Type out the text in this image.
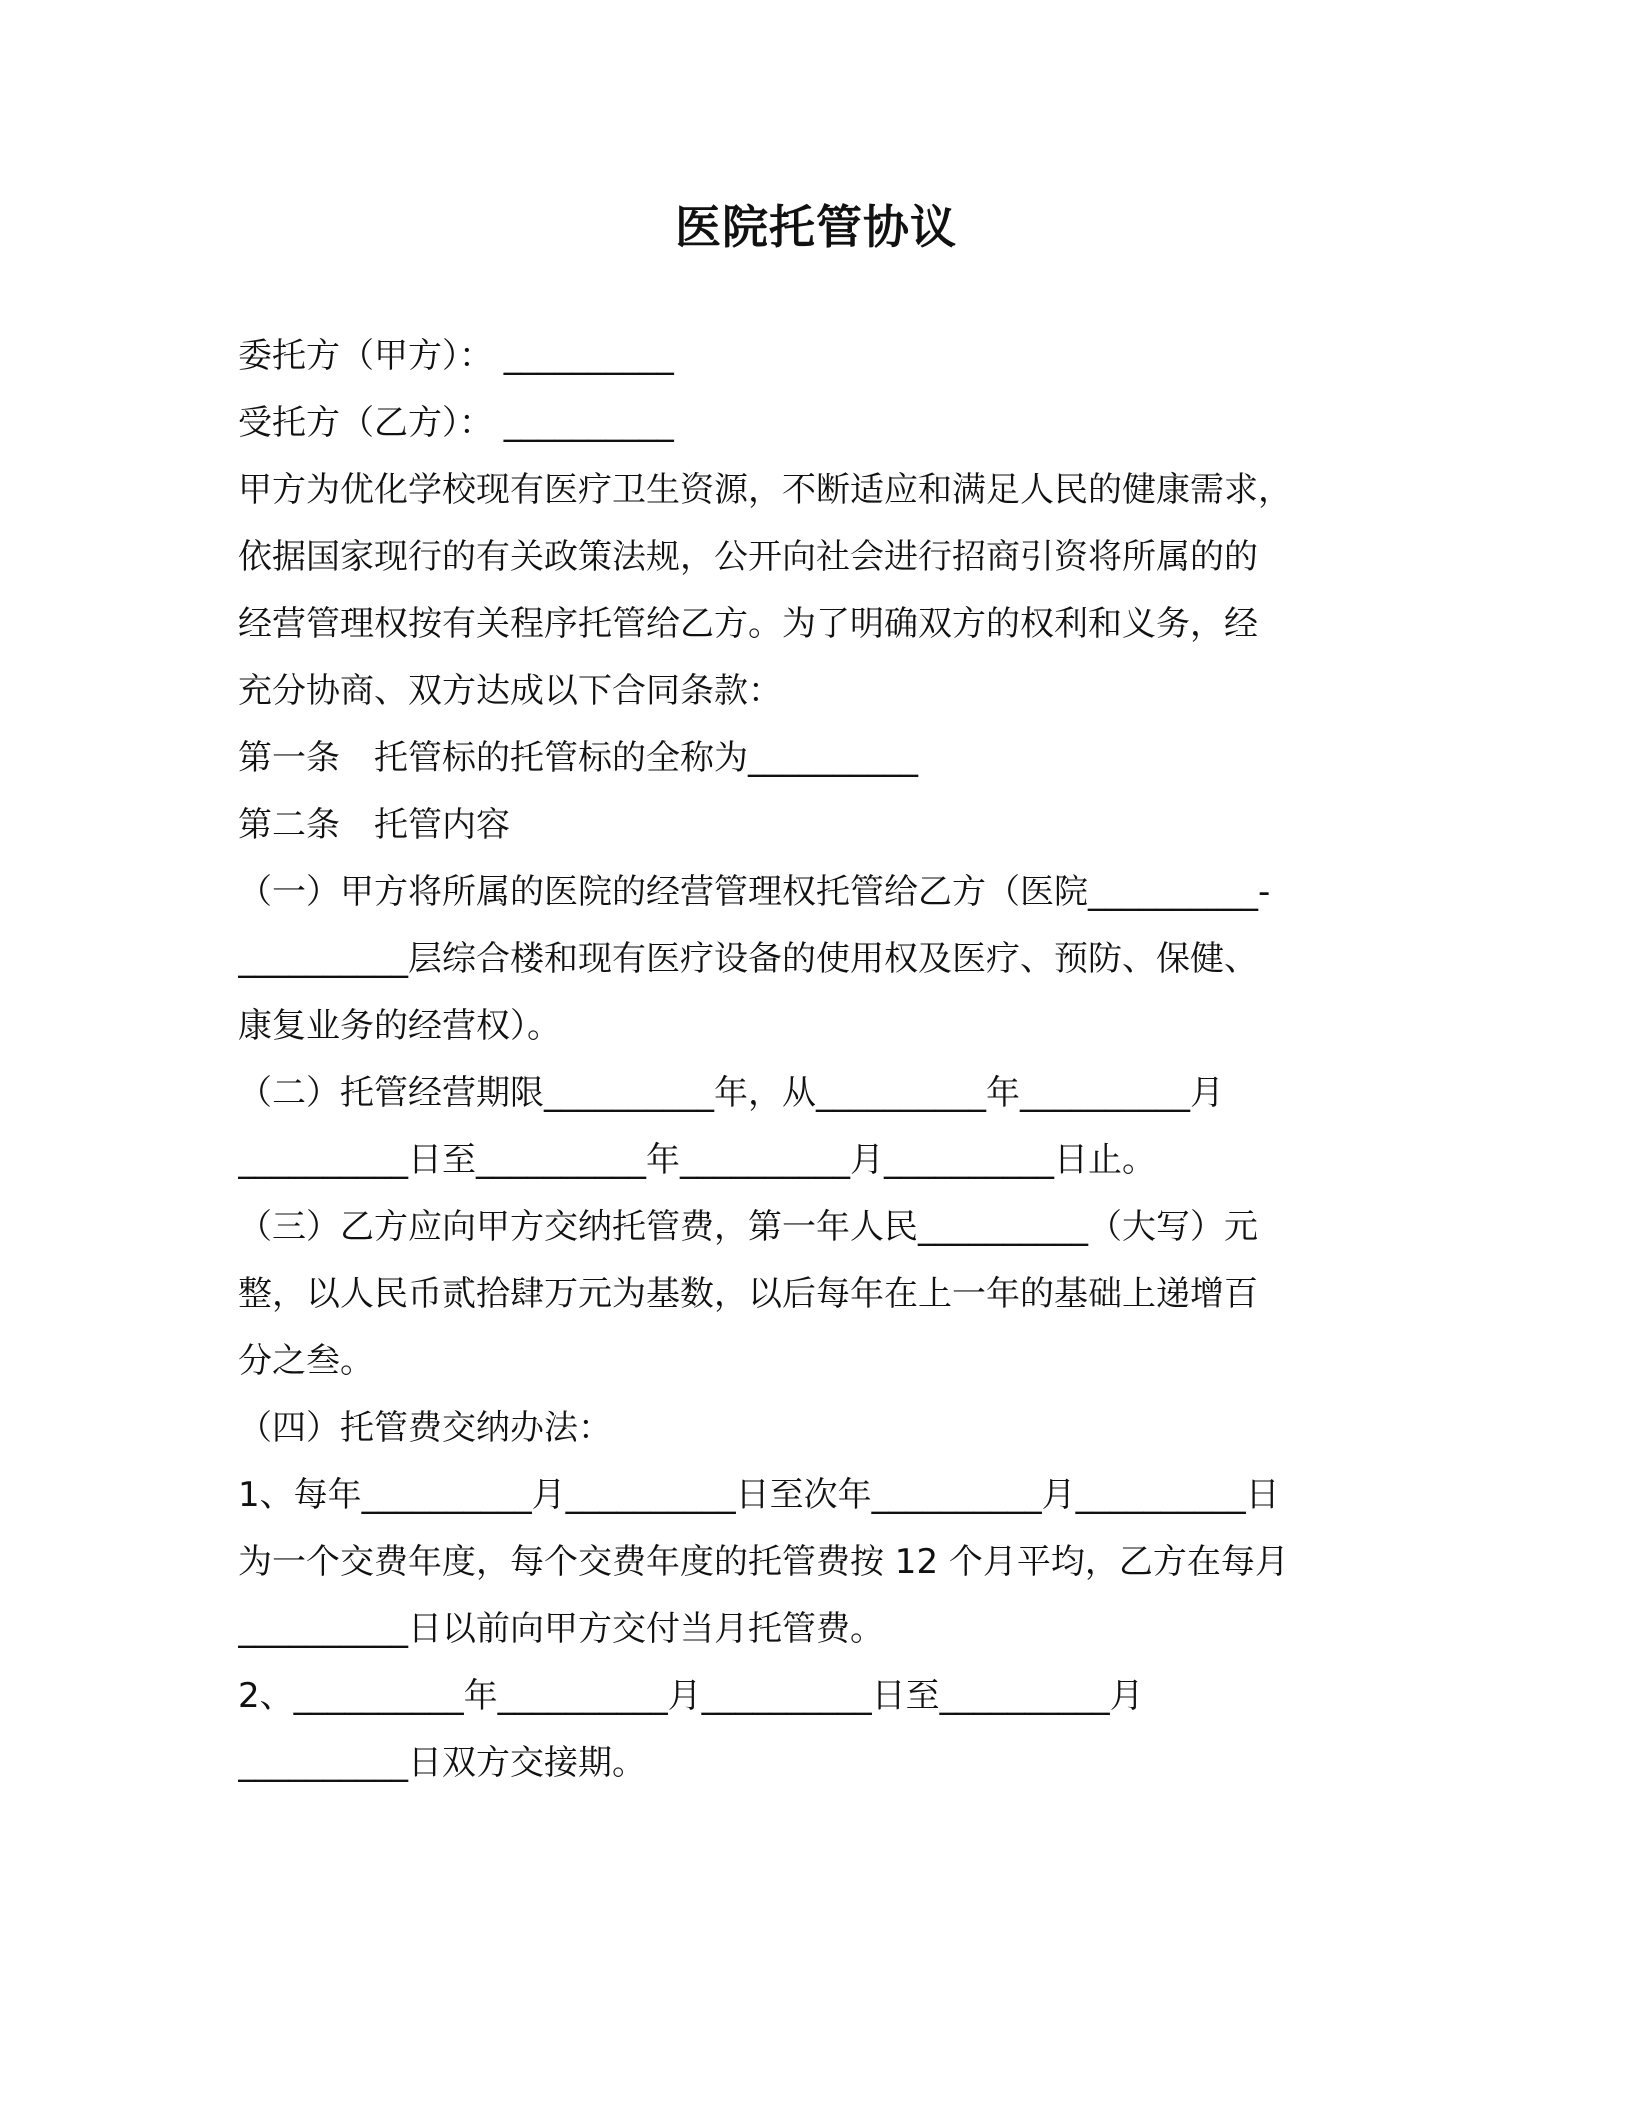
医院托管协议
委托方（甲方）： __________
受托方（乙方）： __________
甲方为优化学校现有医疗卫生资源，不断适应和满足人民的健康需求，
依据国家现行的有关政策法规，公开向社会进行招商引资将所属的的
经营管理权按有关程序托管给乙方。为了明确双方的权利和义务，经
充分协商、双方达成以下合同条款：
第一条　托管标的托管标的全称为__________
第二条　托管内容
（一）甲方将所属的医院的经营管理权托管给乙方（医院__________-
__________层综合楼和现有医疗设备的使用权及医疗、预防、保健、
康复业务的经营权）。
（二）托管经营期限__________年，从__________年__________月
__________日至__________年__________月__________日止。
（三）乙方应向甲方交纳托管费，第一年人民__________（大写）元
整，以人民币贰拾肆万元为基数，以后每年在上一年的基础上递增百
分之叁。
（四）托管费交纳办法：
1、每年__________月__________日至次年__________月__________日
为一个交费年度，每个交费年度的托管费按 12 个月平均，乙方在每月
__________日以前向甲方交付当月托管费。
2、__________年__________月__________日至__________月
__________日双方交接期。
